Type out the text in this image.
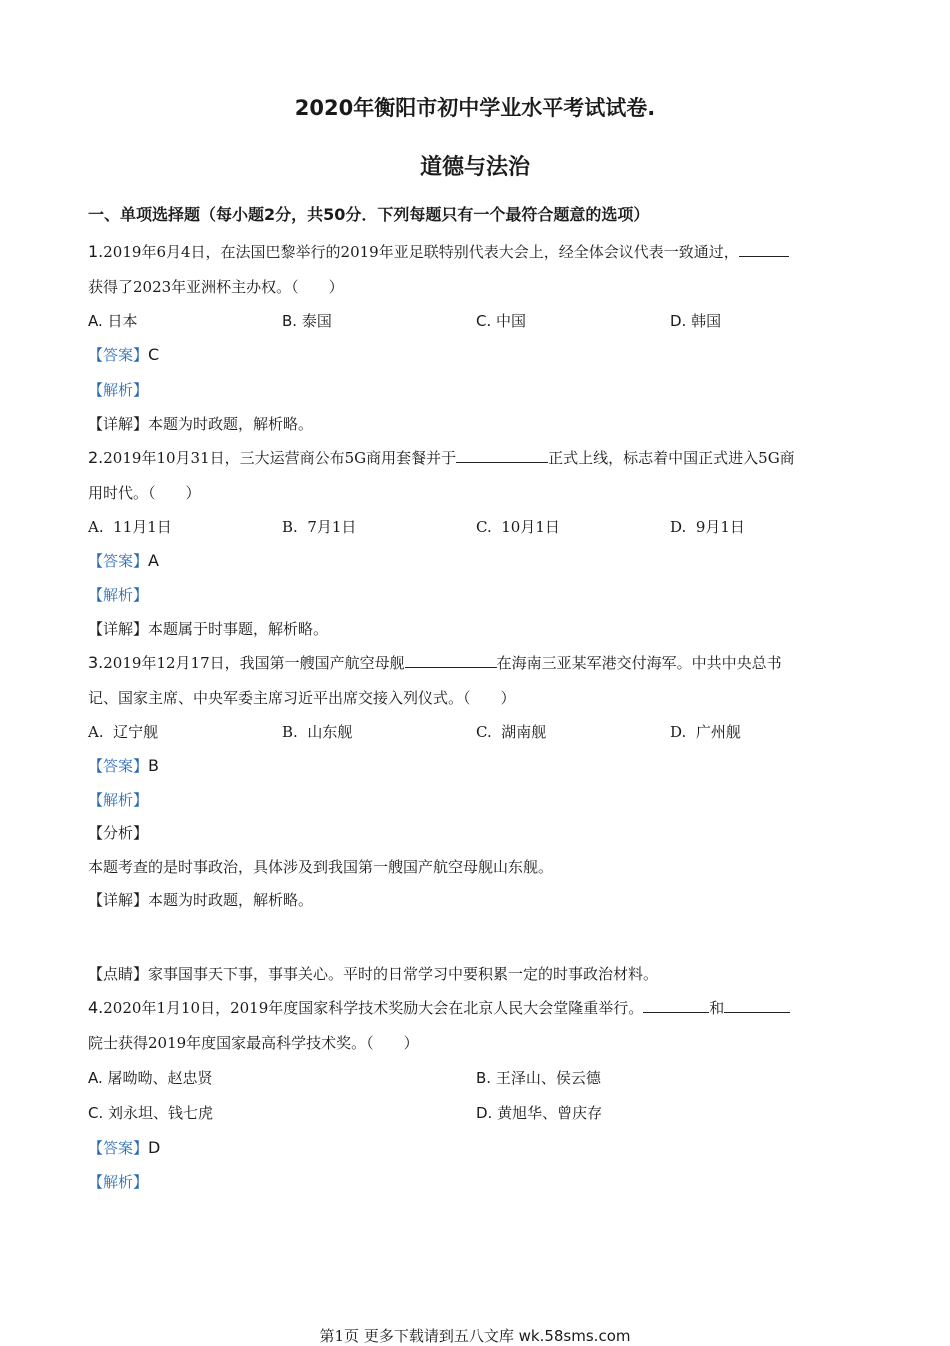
2020年衡阳市初中学业水平考试试卷.
道德与法治
一、单项选择题（每小题2分，共50分．下列每题只有一个最符合题意的选项）
1.2019年6月4日，在法国巴黎举行的2019年亚足联特别代表大会上，经全体会议代表一致通过，
获得了2023年亚洲杯主办权。（　　）
A. 日本	B. 泰国	C. 中国	D. 韩国
【答案】C
【解析】
【详解】本题为时政题，解析略。
2.2019年10月31日，三大运营商公布5G商用套餐并于	正式上线，标志着中国正式进入5G商
用时代。（　　）
A. 11月1日	B. 7月1日	C. 10月1日	D. 9月1日
【答案】A
【解析】
【详解】本题属于时事题，解析略。
3.2019年12月17日，我国第一艘国产航空母舰	在海南三亚某军港交付海军。中共中央总书
记、国家主席、中央军委主席习近平出席交接入列仪式。（　　）
A. 辽宁舰	B. 山东舰	C. 湖南舰	D. 广州舰
【答案】B
【解析】
【分析】
本题考查的是时事政治，具体涉及到我国第一艘国产航空母舰山东舰。
【详解】本题为时政题，解析略。
【点睛】家事国事天下事，事事关心。平时的日常学习中要积累一定的时事政治材料。
4.2020年1月10日，2019年度国家科学技术奖励大会在北京人民大会堂隆重举行。	和
院士获得2019年度国家最高科学技术奖。（　　）
A. 屠呦呦、赵忠贤	B. 王泽山、侯云德
C. 刘永坦、钱七虎	D. 黄旭华、曾庆存
【答案】D
【解析】
第1页 更多下载请到五八文库 wk.58sms.com
